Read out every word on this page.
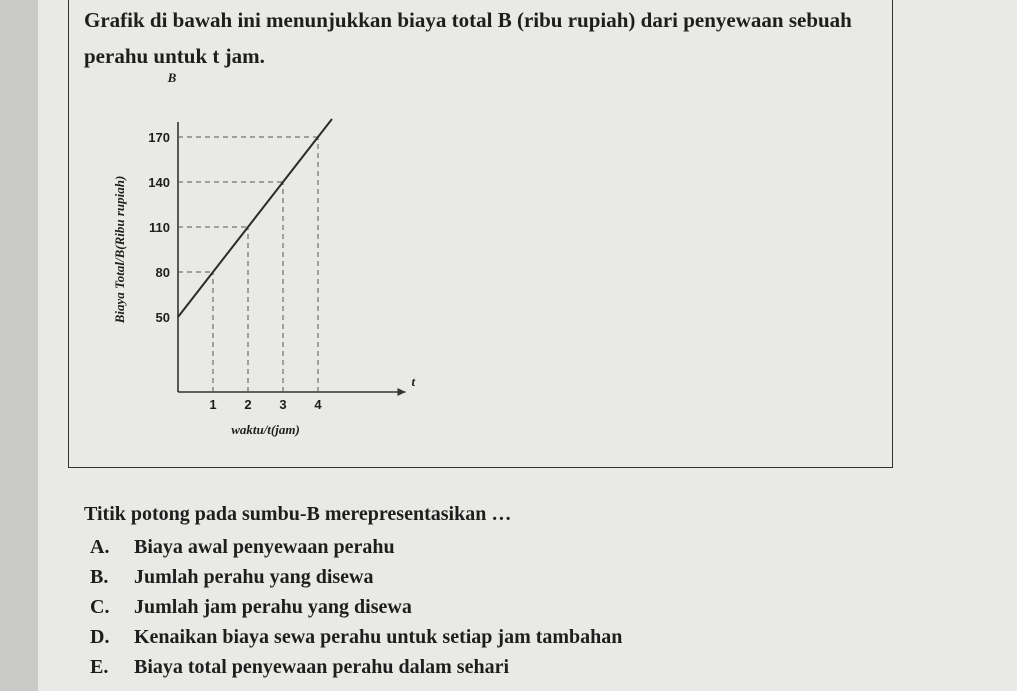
Grafik di bawah ini menunjukkan biaya total B (ribu rupiah) dari penyewaan sebuah perahu untuk t jam.

50
80
110
140
170
1 2 3 4
B
t
waktu/t(jam)
Biaya Total/B(Ribu rupiah)

Titik potong pada sumbu-B merepresentasikan …

A.	Biaya awal penyewaan perahu
B.	Jumlah perahu yang disewa
C.	Jumlah jam perahu yang disewa
D.	Kenaikan biaya sewa perahu untuk setiap jam tambahan
E.	Biaya total penyewaan perahu dalam sehari
